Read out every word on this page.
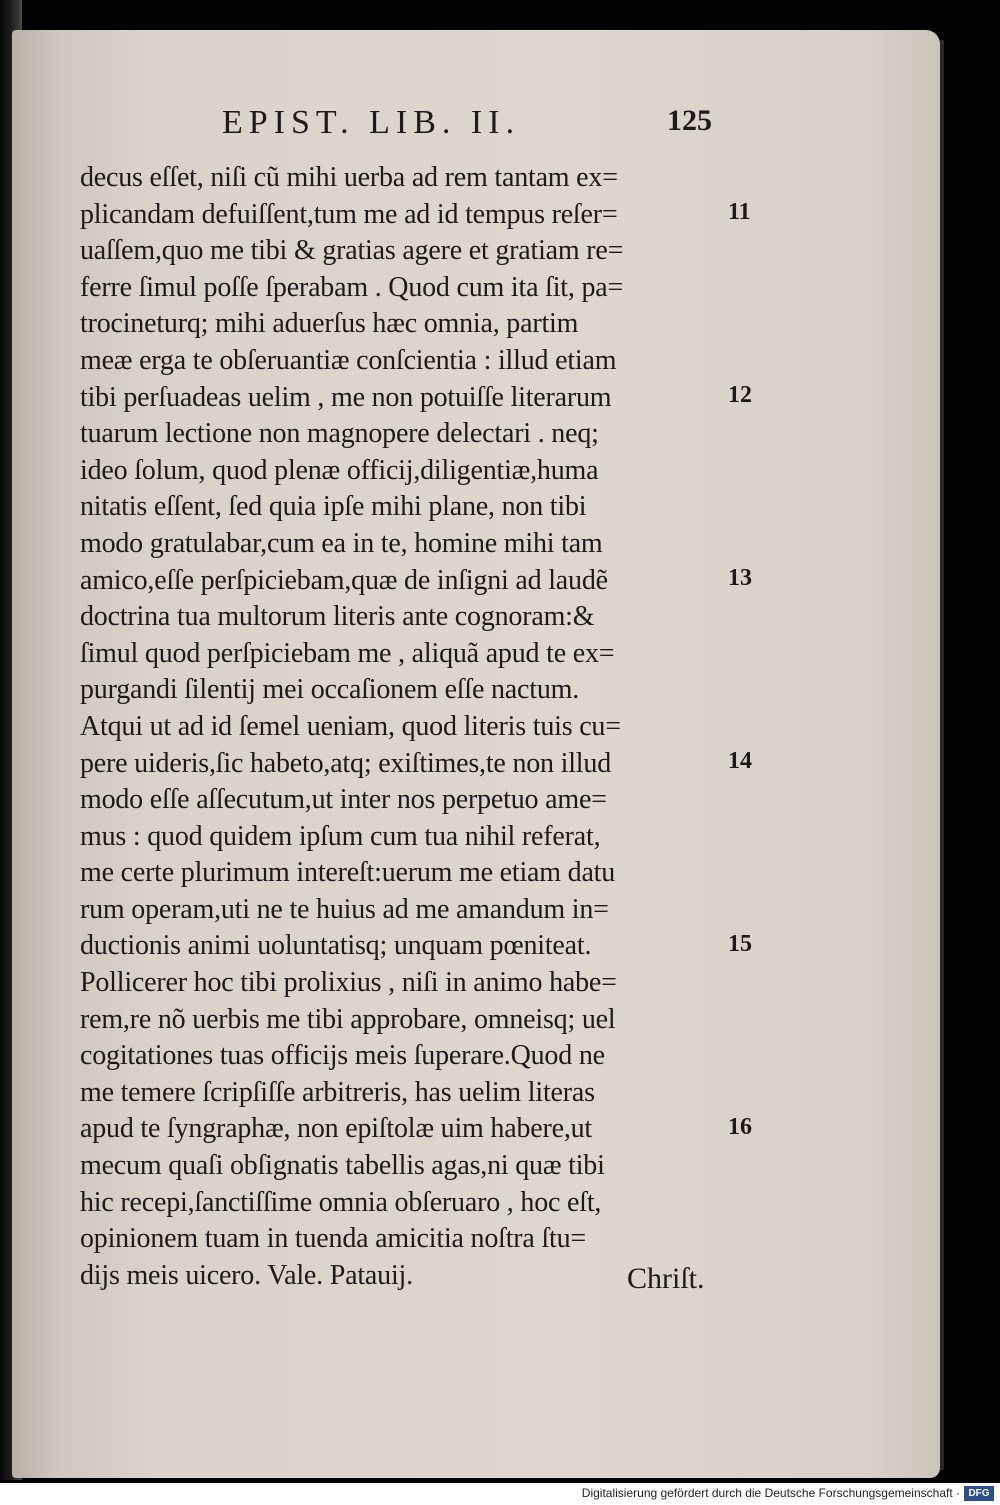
EPIST. LIB. II.	125
decus eſſet, niſi cũ mihi uerba ad rem tantam ex=
plicandam defuiſſent,tum me ad id tempus reſer=
uaſſem,quo me tibi & gratias agere et gratiam re=
ferre ſimul poſſe ſperabam . Quod cum ita ſit, pa=
trocineturq; mihi aduerſus hæc omnia, partim
meæ erga te obſeruantiæ conſcientia : illud etiam
tibi perſuadeas uelim , me non potuiſſe literarum
tuarum lectione non magnopere delectari . neq;
ideo ſolum, quod plenæ officij,diligentiæ,huma
nitatis eſſent, ſed quia ipſe mihi plane, non tibi
modo gratulabar,cum ea in te, homine mihi tam
amico,eſſe perſpiciebam,quæ de inſigni ad laudẽ
doctrina tua multorum literis ante cognoram:&
ſimul quod perſpiciebam me , aliquã apud te ex=
purgandi ſilentij mei occaſionem eſſe nactum.
Atqui ut ad id ſemel ueniam, quod literis tuis cu=
pere uideris,ſic habeto,atq; exiſtimes,te non illud
modo eſſe aſſecutum,ut inter nos perpetuo ame=
mus : quod quidem ipſum cum tua nihil referat,
me certe plurimum intereſt:uerum me etiam datu
rum operam,uti ne te huius ad me amandum in=
ductionis animi uoluntatisq; unquam pœniteat.
Pollicerer hoc tibi prolixius , niſi in animo habe=
rem,re nõ uerbis me tibi approbare, omneisq; uel
cogitationes tuas officijs meis ſuperare.Quod ne
me temere ſcripſiſſe arbitreris, has uelim literas
apud te ſyngraphæ, non epiſtolæ uim habere,ut
mecum quaſi obſignatis tabellis agas,ni quæ tibi
hic recepi,ſanctiſſime omnia obſeruaro , hoc eſt,
opinionem tuam in tuenda amicitia noſtra ſtu=
dijs meis uicero. Vale. Patauij.
11
12
13
14
15
16
Chriſt.
Digitalisierung gefördert durch die Deutsche Forschungsgemeinschaft · DFG
